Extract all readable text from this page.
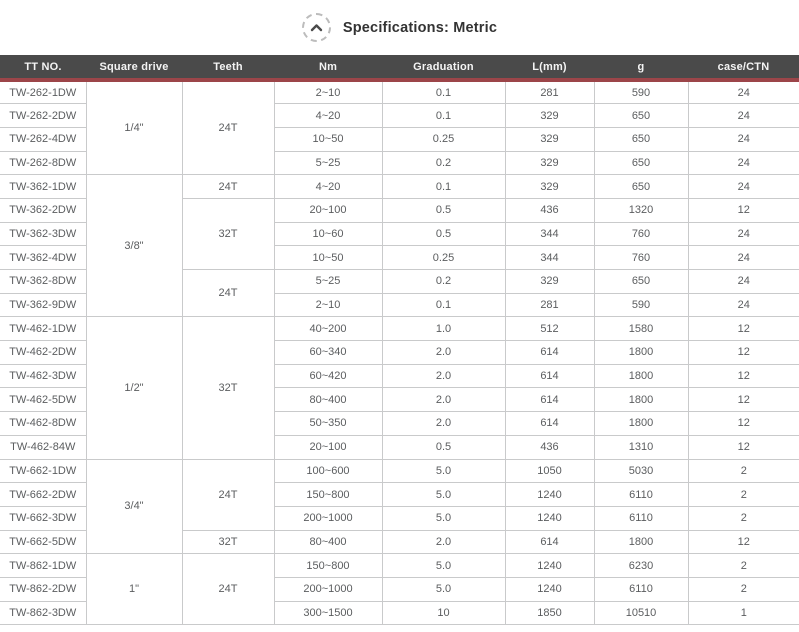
Specifications: Metric
TT NO.	Square drive	Teeth	Nm	Graduation	L(mm)	g	case/CTN
TW-262-1DW	1/4"	24T	2~10	0.1	281	590	24
TW-262-2DW			4~20	0.1	329	650	24
TW-262-4DW			10~50	0.25	329	650	24
TW-262-8DW			5~25	0.2	329	650	24
TW-362-1DW	3/8"	24T	4~20	0.1	329	650	24
TW-362-2DW		32T	20~100	0.5	436	1320	12
TW-362-3DW			10~60	0.5	344	760	24
TW-362-4DW			10~50	0.25	344	760	24
TW-362-8DW		24T	5~25	0.2	329	650	24
TW-362-9DW			2~10	0.1	281	590	24
TW-462-1DW	1/2"	32T	40~200	1.0	512	1580	12
TW-462-2DW			60~340	2.0	614	1800	12
TW-462-3DW			60~420	2.0	614	1800	12
TW-462-5DW			80~400	2.0	614	1800	12
TW-462-8DW			50~350	2.0	614	1800	12
TW-462-84W			20~100	0.5	436	1310	12
TW-662-1DW	3/4"	24T	100~600	5.0	1050	5030	2
TW-662-2DW			150~800	5.0	1240	6110	2
TW-662-3DW			200~1000	5.0	1240	6110	2
TW-662-5DW		32T	80~400	2.0	614	1800	12
TW-862-1DW	1"	24T	150~800	5.0	1240	6230	2
TW-862-2DW			200~1000	5.0	1240	6110	2
TW-862-3DW			300~1500	10	1850	10510	1
